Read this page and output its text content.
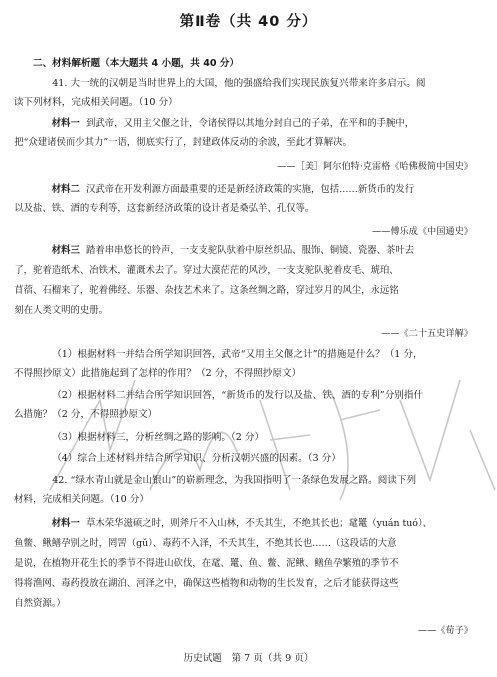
第Ⅱ卷（共 40 分）
二、材料解析题（本大题共 4 小题，共 40 分）

41. 大一统的汉朝是当时世界上的大国，他的强盛给我们实现民族复兴带来许多启示。阅
读下列材料，完成相关问题。（10 分）

材料一 到武帝，又用主父偃之计，令诸侯得以其地分封自己的子弟，在平和的手腕中，
把“众建诸侯而少其力”一语，彻底实行了，封建政体反动的余波，至此才算解决。

——［美］阿尔伯特·克雷格《哈佛极简中国史》

材料二 汉武帝在开发利源方面最重要的还是新经济政策的实施，包括……新货币的发行
以及盐、铁、酒的专利等，这套新经济政策的设计者是桑弘羊、孔仅等。

——傅乐成《中国通史》

材料三 踏着串串悠长的铃声，一支支驼队驮着中原丝织品、服饰、铜镜、瓷器、茶叶去
了，驼着造纸术、冶铁术，灌溉术去了。穿过大漠茫茫的风沙，一支支驼队驼着皮毛、琥珀、
苜蓿、石榴来了，驼着佛经、乐器、杂技艺术来了。这条丝绸之路，穿过岁月的风尘，永远铭
刻在人类文明的史册。

——《二十五史详解》

（1）根据材料一并结合所学知识回答，武帝“又用主父偃之计”的措施是什么？（1 分，
不得照抄原文）此措施起到了怎样的作用？（2 分，不得照抄原文）

（2）根据材料二并结合所学知识回答，“新货币的发行以及盐、铁、酒的专利”分别指什
么措施？（2 分，不得照抄原文）

（3）根据材料三，分析丝绸之路的影响。（2 分）

（4）综合上述材料并结合所学知识、分析汉朝兴盛的因素。（3 分）

42. “绿水青山就是金山银山”的崭新理念，为我国指明了一条绿色发展之路。阅读下列
材料，完成相关问题。（10 分）

材料一 草木荣华滋硕之时，则斧斤不入山林，不夭其生，不绝其长也；鼋鼍（yuán tuó）、
鱼鳖、鳅鳝孕别之时，罔罟（gǔ）、毒药不入泽，不夭其生，不绝其长也……（这段话的大意
是说，在植物开花生长的季节不得进山砍伐，在鼋、鼍、鱼、鳖、泥鳅、鳝鱼孕繁殖的季节不
得将渔网、毒药投放在湖泊、河泽之中，确保这些植物和动物的生长发育，之后才能获得这些
自然资源。）

——《荀子》
历史试题　第 7 页（共 9 页）
